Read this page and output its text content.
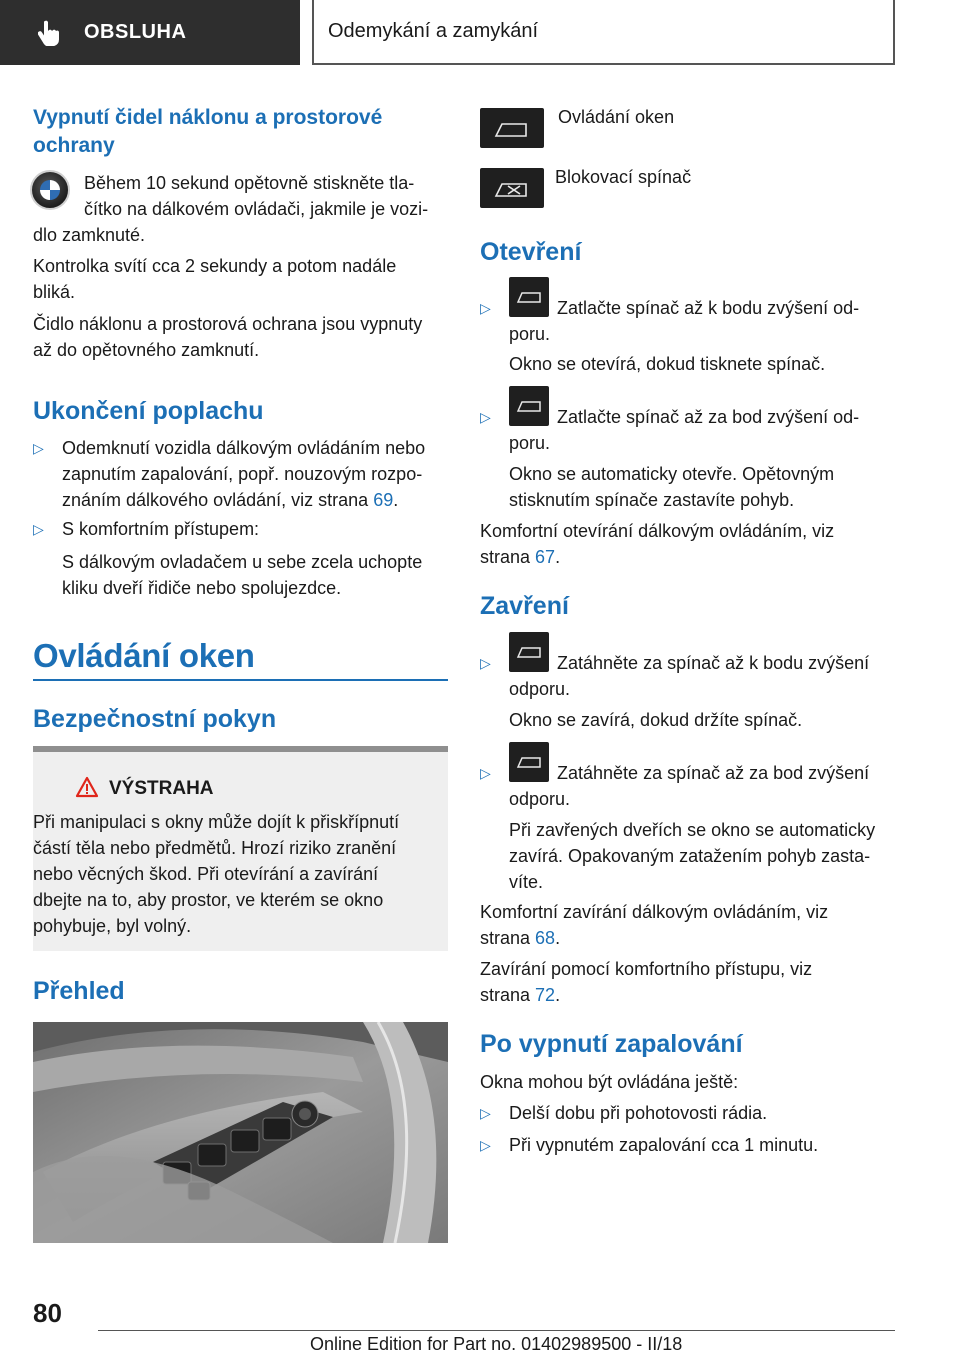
OBSLUHA	Odemykání a zamykání
Vypnutí čidel náklonu a prostorové ochrany
Během 10 sekund opětovně stiskněte tla‐
čítko na dálkovém ovládači, jakmile je vozi‐
dlo zamknuté.
Kontrolka svítí cca 2 sekundy a potom nadále
bliká.
Čidlo náklonu a prostorová ochrana jsou vypnuty
až do opětovného zamknutí.
Ukončení poplachu
▷ Odemknutí vozidla dálkovým ovládáním nebo
zapnutím zapalování, popř. nouzovým rozpo‐
znáním dálkového ovládání, viz strana 69.
▷ S komfortním přístupem:
S dálkovým ovladačem u sebe zcela uchopte
kliku dveří řidiče nebo spolujezdce.
Ovládání oken
Bezpečnostní pokyn
VÝSTRAHA
Při manipulaci s okny může dojít k přiskřípnutí
částí těla nebo předmětů. Hrozí riziko zranění
nebo věcných škod. Při otevírání a zavírání
dbejte na to, aby prostor, ve kterém se okno
pohybuje, byl volný.
Přehled
Ovládání oken
Blokovací spínač
Otevření
▷	Zatlačte spínač až k bodu zvýšení od‐
poru.
Okno se otevírá, dokud tisknete spínač.
▷	Zatlačte spínač až za bod zvýšení od‐
poru.
Okno se automaticky otevře. Opětovným
stisknutím spínače zastavíte pohyb.
Komfortní otevírání dálkovým ovládáním, viz
strana 67.
Zavření
▷	Zatáhněte za spínač až k bodu zvýšení
odporu.
Okno se zavírá, dokud držíte spínač.
▷	Zatáhněte za spínač až za bod zvýšení
odporu.
Při zavřených dveřích se okno se automaticky
zavírá. Opakovaným zatažením pohyb zasta‐
víte.
Komfortní zavírání dálkovým ovládáním, viz
strana 68.
Zavírání pomocí komfortního přístupu, viz
strana 72.
Po vypnutí zapalování
Okna mohou být ovládána ještě:
▷ Delší dobu při pohotovosti rádia.
▷ Při vypnutém zapalování cca 1 minutu.
80
Online Edition for Part no. 01402989500 - II/18
